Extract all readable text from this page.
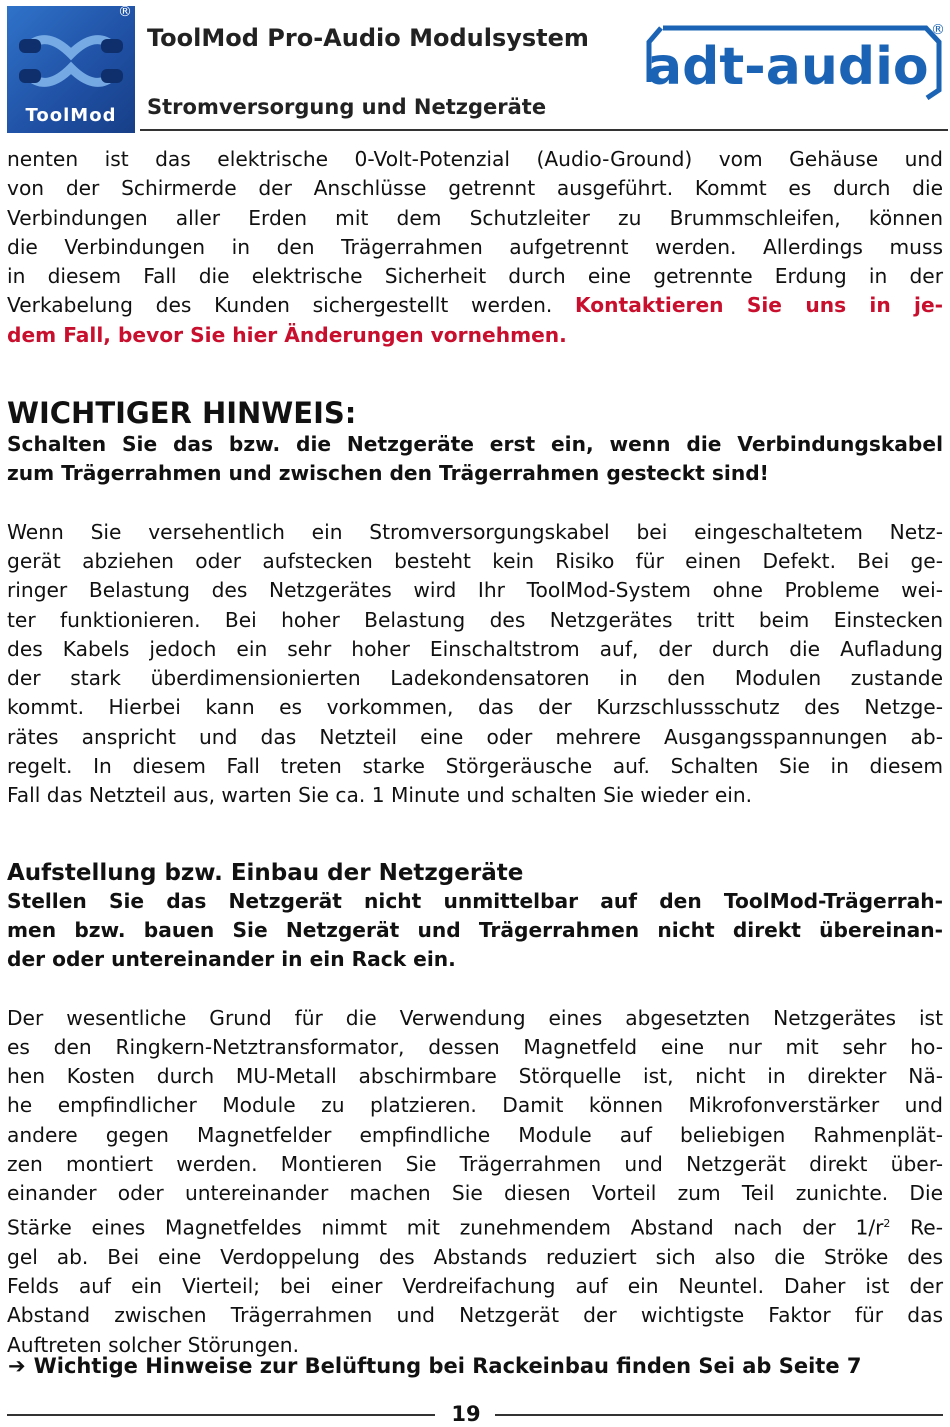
®
ToolMod
ToolMod Pro-Audio Modulsystem
Stromversorgung und Netzgeräte
adt-audio
®
nenten ist das elektrische 0-Volt-Potenzial (Audio-Ground) vom Gehäuse und
von der Schirmerde der Anschlüsse getrennt ausgeführt. Kommt es durch die
Verbindungen aller Erden mit dem Schutzleiter zu Brummschleifen, können
die Verbindungen in den Trägerrahmen aufgetrennt werden. Allerdings muss
in diesem Fall die elektrische Sicherheit durch eine getrennte Erdung in der
Verkabelung des Kunden sichergestellt werden. Kontaktieren Sie uns in je-
dem Fall, bevor Sie hier Änderungen vornehmen.
WICHTIGER HINWEIS:
Schalten Sie das bzw. die Netzgeräte erst ein, wenn die Verbindungskabel
zum Trägerrahmen und zwischen den Trägerrahmen gesteckt sind!
Wenn Sie versehentlich ein Stromversorgungskabel bei eingeschaltetem Netz-
gerät abziehen oder aufstecken besteht kein Risiko für einen Defekt. Bei ge-
ringer Belastung des Netzgerätes wird Ihr ToolMod-System ohne Probleme wei-
ter funktionieren. Bei hoher Belastung des Netzgerätes tritt beim Einstecken
des Kabels jedoch ein sehr hoher Einschaltstrom auf, der durch die Aufladung
der stark überdimensionierten Ladekondensatoren in den Modulen zustande
kommt. Hierbei kann es vorkommen, das der Kurzschlussschutz des Netzge-
rätes anspricht und das Netzteil eine oder mehrere Ausgangsspannungen ab-
regelt. In diesem Fall treten starke Störgeräusche auf. Schalten Sie in diesem
Fall das Netzteil aus, warten Sie ca. 1 Minute und schalten Sie wieder ein.
Aufstellung bzw. Einbau der Netzgeräte
Stellen Sie das Netzgerät nicht unmittelbar auf den ToolMod-Trägerrah-
men bzw. bauen Sie Netzgerät und Trägerrahmen nicht direkt übereinan-
der oder untereinander in ein Rack ein.
Der wesentliche Grund für die Verwendung eines abgesetzten Netzgerätes ist
es den Ringkern-Netztransformator, dessen Magnetfeld eine nur mit sehr ho-
hen Kosten durch MU-Metall abschirmbare Störquelle ist, nicht in direkter Nä-
he empfindlicher Module zu platzieren. Damit können Mikrofonverstärker und
andere gegen Magnetfelder empfindliche Module auf beliebigen Rahmenplät-
zen montiert werden. Montieren Sie Trägerrahmen und Netzgerät direkt über-
einander oder untereinander machen Sie diesen Vorteil zum Teil zunichte. Die
Stärke eines Magnetfeldes nimmt mit zunehmendem Abstand nach der $1/r^2$ Re-
gel ab. Bei eine Verdoppelung des Abstands reduziert sich also die Ströke des
Felds auf ein Vierteil; bei einer Verdreifachung auf ein Neuntel. Daher ist der
Abstand zwischen Trägerrahmen und Netzgerät der wichtigste Faktor für das
Auftreten solcher Störungen.
➔ Wichtige Hinweise zur Belüftung bei Rackeinbau finden Sei ab Seite 7
19
